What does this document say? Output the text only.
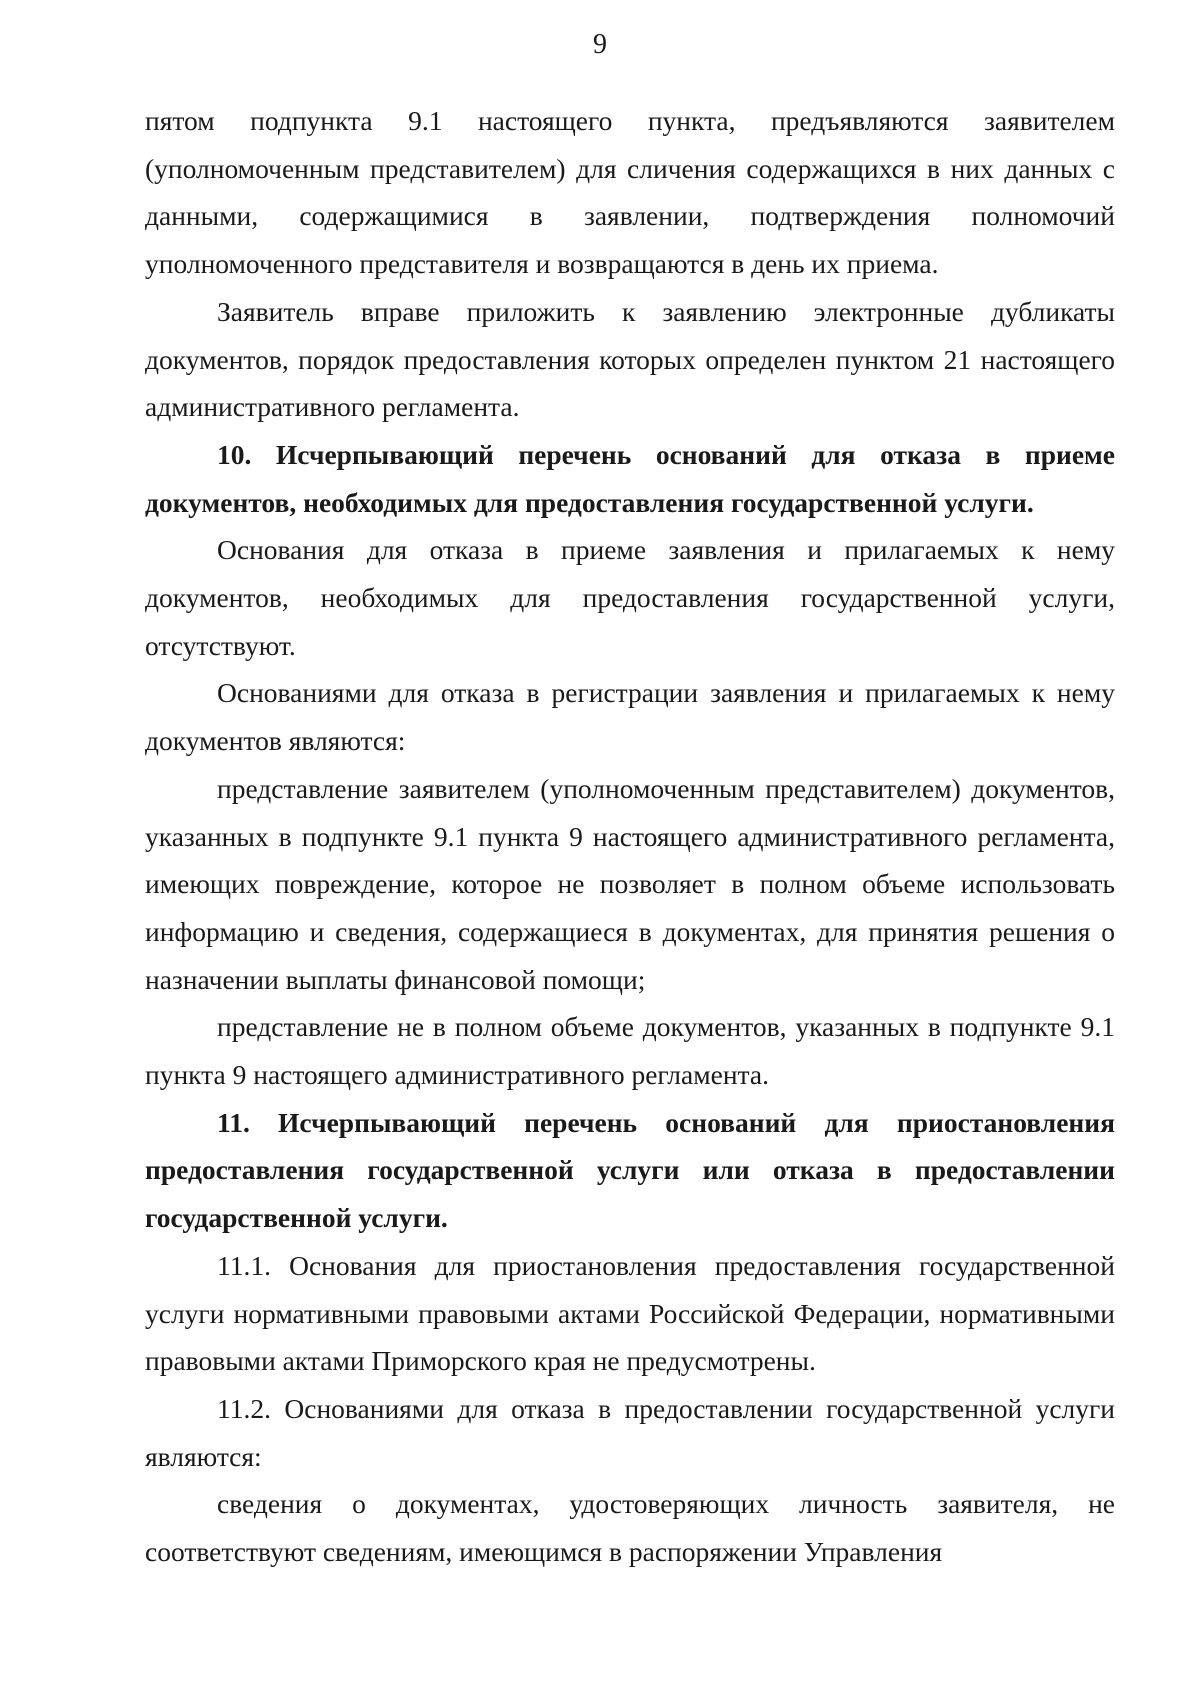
9

пятом подпункта 9.1 настоящего пункта, предъявляются заявителем (уполномоченным представителем) для сличения содержащихся в них данных с данными, содержащимися в заявлении, подтверждения полномочий уполномоченного представителя и возвращаются в день их приема.

Заявитель вправе приложить к заявлению электронные дубликаты документов, порядок предоставления которых определен пунктом 21 настоящего административного регламента.

10. Исчерпывающий перечень оснований для отказа в приеме документов, необходимых для предоставления государственной услуги.

Основания для отказа в приеме заявления и прилагаемых к нему документов, необходимых для предоставления государственной услуги, отсутствуют.

Основаниями для отказа в регистрации заявления и прилагаемых к нему документов являются:

представление заявителем (уполномоченным представителем) документов, указанных в подпункте 9.1 пункта 9 настоящего административного регламента, имеющих повреждение, которое не позволяет в полном объеме использовать информацию и сведения, содержащиеся в документах, для принятия решения о назначении выплаты финансовой помощи;

представление не в полном объеме документов, указанных в подпункте 9.1 пункта 9 настоящего административного регламента.

11. Исчерпывающий перечень оснований для приостановления предоставления государственной услуги или отказа в предоставлении государственной услуги.

11.1. Основания для приостановления предоставления государственной услуги нормативными правовыми актами Российской Федерации, нормативными правовыми актами Приморского края не предусмотрены.

11.2. Основаниями для отказа в предоставлении государственной услуги являются:

сведения о документах, удостоверяющих личность заявителя, не соответствуют сведениям, имеющимся в распоряжении Управления
